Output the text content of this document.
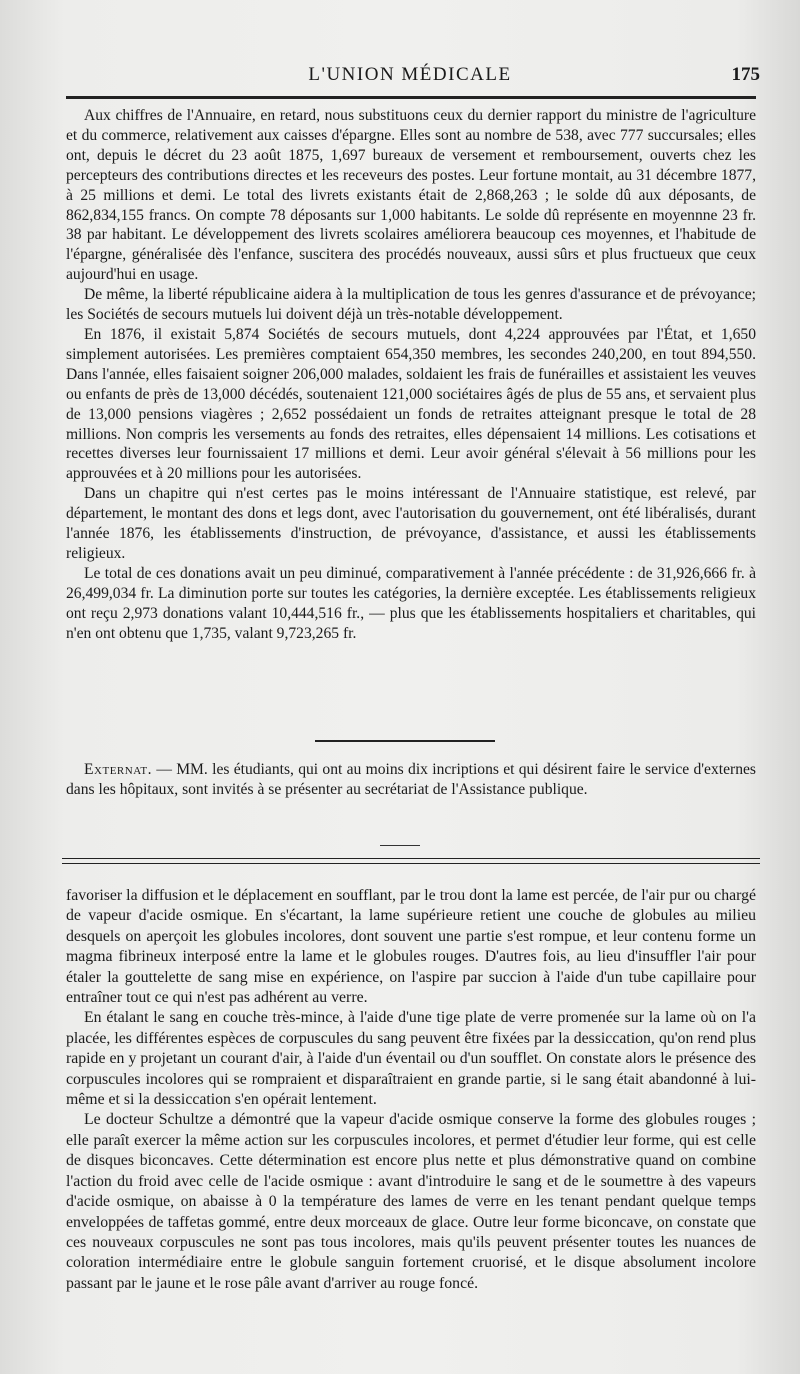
L'UNION MÉDICALE	175

Aux chiffres de l'Annuaire, en retard, nous substituons ceux du dernier rapport du ministre de l'agriculture et du commerce, relativement aux caisses d'épargne. Elles sont au nombre de 538, avec 777 succursales; elles ont, depuis le décret du 23 août 1875, 1,697 bureaux de versement et remboursement, ouverts chez les percepteurs des contributions directes et les receveurs des postes. Leur fortune montait, au 31 décembre 1877, à 25 millions et demi. Le total des livrets existants était de 2,868,263 ; le solde dû aux déposants, de 862,834,155 francs. On compte 78 déposants sur 1,000 habitants. Le solde dû représente en moyennne 23 fr. 38 par habitant. Le développement des livrets scolaires améliorera beaucoup ces moyennes, et l'habitude de l'épargne, généralisée dès l'enfance, suscitera des procédés nouveaux, aussi sûrs et plus fructueux que ceux aujourd'hui en usage.

De même, la liberté républicaine aidera à la multiplication de tous les genres d'assurance et de prévoyance; les Sociétés de secours mutuels lui doivent déjà un très-notable développement.

En 1876, il existait 5,874 Sociétés de secours mutuels, dont 4,224 approuvées par l'État, et 1,650 simplement autorisées. Les premières comptaient 654,350 membres, les secondes 240,200, en tout 894,550. Dans l'année, elles faisaient soigner 206,000 malades, soldaient les frais de funérailles et assistaient les veuves ou enfants de près de 13,000 décédés, soutenaient 121,000 sociétaires âgés de plus de 55 ans, et servaient plus de 13,000 pensions viagères ; 2,652 possédaient un fonds de retraites atteignant presque le total de 28 millions. Non compris les versements au fonds des retraites, elles dépensaient 14 millions. Les cotisations et recettes diverses leur fournissaient 17 millions et demi. Leur avoir général s'élevait à 56 millions pour les approuvées et à 20 millions pour les autorisées.

Dans un chapitre qui n'est certes pas le moins intéressant de l'Annuaire statistique, est relevé, par département, le montant des dons et legs dont, avec l'autorisation du gouvernement, ont été libéralisés, durant l'année 1876, les établissements d'instruction, de prévoyance, d'assistance, et aussi les établissements religieux.

Le total de ces donations avait un peu diminué, comparativement à l'année précédente : de 31,926,666 fr. à 26,499,034 fr. La diminution porte sur toutes les catégories, la dernière exceptée. Les établissements religieux ont reçu 2,973 donations valant 10,444,516 fr., — plus que les établissements hospitaliers et charitables, qui n'en ont obtenu que 1,735, valant 9,723,265 fr.

Externat. — MM. les étudiants, qui ont au moins dix incriptions et qui désirent faire le service d'externes dans les hôpitaux, sont invités à se présenter au secrétariat de l'Assistance publique.

favoriser la diffusion et le déplacement en soufflant, par le trou dont la lame est percée, de l'air pur ou chargé de vapeur d'acide osmique. En s'écartant, la lame supérieure retient une couche de globules au milieu desquels on aperçoit les globules incolores, dont souvent une partie s'est rompue, et leur contenu forme un magma fibrineux interposé entre la lame et le globules rouges. D'autres fois, au lieu d'insuffler l'air pour étaler la gouttelette de sang mise en expérience, on l'aspire par succion à l'aide d'un tube capillaire pour entraîner tout ce qui n'est pas adhérent au verre.

En étalant le sang en couche très-mince, à l'aide d'une tige plate de verre promenée sur la lame où on l'a placée, les différentes espèces de corpuscules du sang peuvent être fixées par la dessiccation, qu'on rend plus rapide en y projetant un courant d'air, à l'aide d'un éventail ou d'un soufflet. On constate alors le présence des corpuscules incolores qui se rompraient et disparaîtraient en grande partie, si le sang était abandonné à lui-même et si la dessiccation s'en opérait lentement.

Le docteur Schultze a démontré que la vapeur d'acide osmique conserve la forme des globules rouges ; elle paraît exercer la même action sur les corpuscules incolores, et permet d'étudier leur forme, qui est celle de disques biconcaves. Cette détermination est encore plus nette et plus démonstrative quand on combine l'action du froid avec celle de l'acide osmique : avant d'introduire le sang et de le soumettre à des vapeurs d'acide osmique, on abaisse à 0 la température des lames de verre en les tenant pendant quelque temps enveloppées de taffetas gommé, entre deux morceaux de glace. Outre leur forme biconcave, on constate que ces nouveaux corpuscules ne sont pas tous incolores, mais qu'ils peuvent présenter toutes les nuances de coloration intermédiaire entre le globule sanguin fortement cruorisé, et le disque absolument incolore passant par le jaune et le rose pâle avant d'arriver au rouge foncé.
